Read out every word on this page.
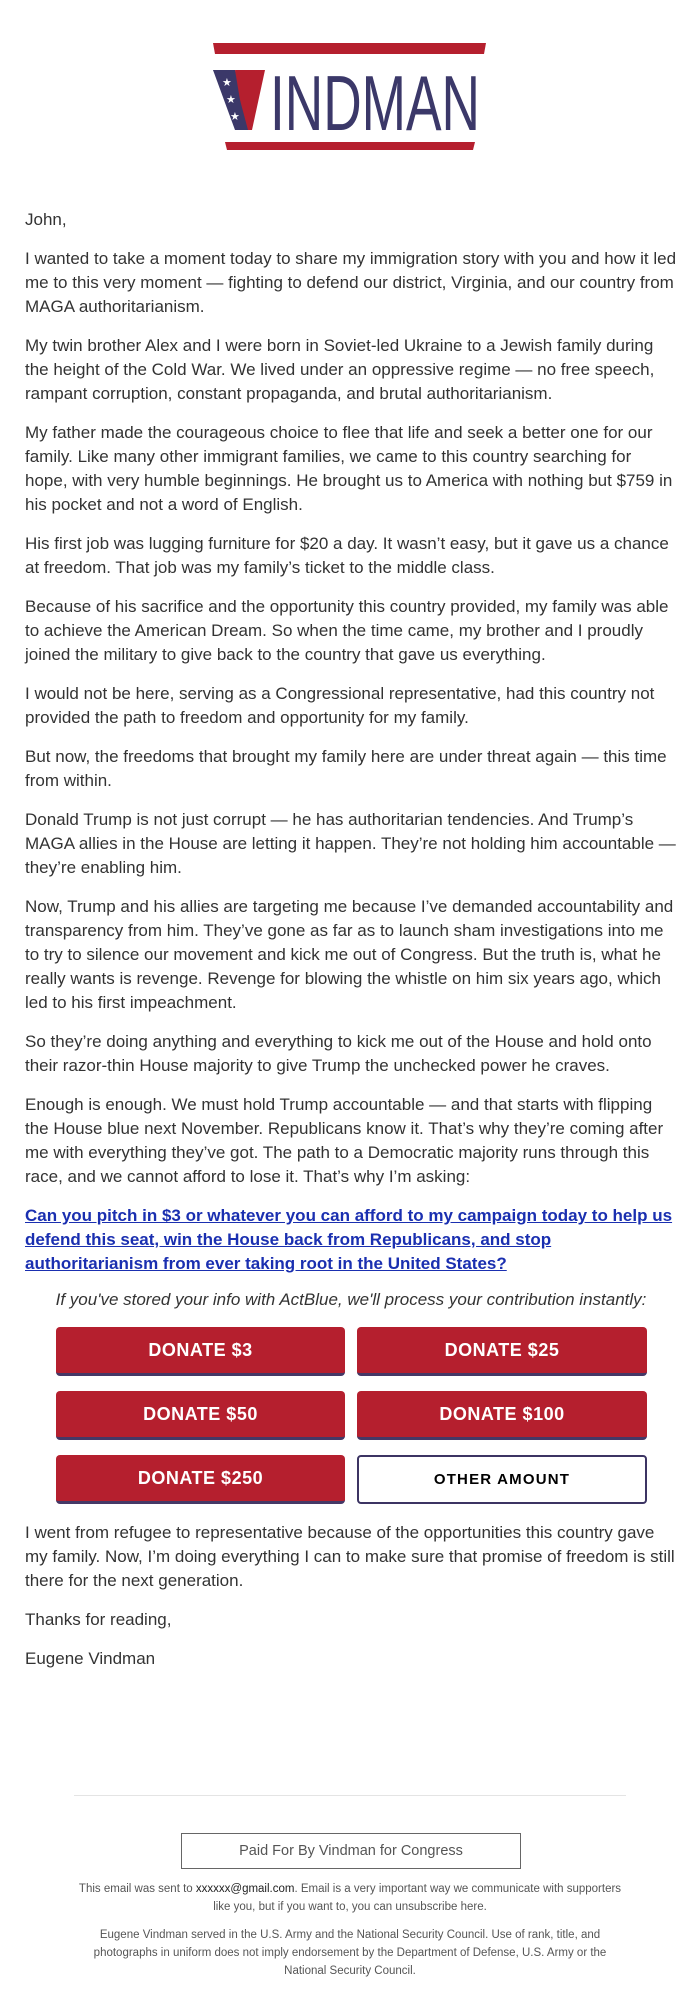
★
★
★ INDMAN

John,

I wanted to take a moment today to share my immigration story with you and how it led me to this very moment — fighting to defend our district, Virginia, and our country from MAGA authoritarianism.

My twin brother Alex and I were born in Soviet-led Ukraine to a Jewish family during the height of the Cold War. We lived under an oppressive regime — no free speech, rampant corruption, constant propaganda, and brutal authoritarianism.

My father made the courageous choice to flee that life and seek a better one for our family. Like many other immigrant families, we came to this country searching for hope, with very humble beginnings. He brought us to America with nothing but $759 in his pocket and not a word of English.

His first job was lugging furniture for $20 a day. It wasn’t easy, but it gave us a chance at freedom. That job was my family’s ticket to the middle class.

Because of his sacrifice and the opportunity this country provided, my family was able to achieve the American Dream. So when the time came, my brother and I proudly joined the military to give back to the country that gave us everything.

I would not be here, serving as a Congressional representative, had this country not provided the path to freedom and opportunity for my family.

But now, the freedoms that brought my family here are under threat again — this time from within.

Donald Trump is not just corrupt — he has authoritarian tendencies. And Trump’s MAGA allies in the House are letting it happen. They’re not holding him accountable — they’re enabling him.

Now, Trump and his allies are targeting me because I’ve demanded accountability and transparency from him. They’ve gone as far as to launch sham investigations into me to try to silence our movement and kick me out of Congress. But the truth is, what he really wants is revenge. Revenge for blowing the whistle on him six years ago, which led to his first impeachment.

So they’re doing anything and everything to kick me out of the House and hold onto their razor-thin House majority to give Trump the unchecked power he craves.

Enough is enough. We must hold Trump accountable — and that starts with flipping the House blue next November. Republicans know it. That’s why they’re coming after me with everything they’ve got. The path to a Democratic majority runs through this race, and we cannot afford to lose it. That’s why I’m asking:

Can you pitch in $3 or whatever you can afford to my campaign today to help us defend this seat, win the House back from Republicans, and stop authoritarianism from ever taking root in the United States?

If you've stored your info with ActBlue, we'll process your contribution instantly:

DONATE $3	DONATE $25
DONATE $50	DONATE $100
DONATE $250	OTHER AMOUNT

I went from refugee to representative because of the opportunities this country gave my family. Now, I’m doing everything I can to make sure that promise of freedom is still there for the next generation.

Thanks for reading,

Eugene Vindman

Paid For By Vindman for Congress

This email was sent to xxxxxx@gmail.com. Email is a very important way we communicate with supporters like you, but if you want to, you can unsubscribe here.

Eugene Vindman served in the U.S. Army and the National Security Council. Use of rank, title, and photographs in uniform does not imply endorsement by the Department of Defense, U.S. Army or the National Security Council.
